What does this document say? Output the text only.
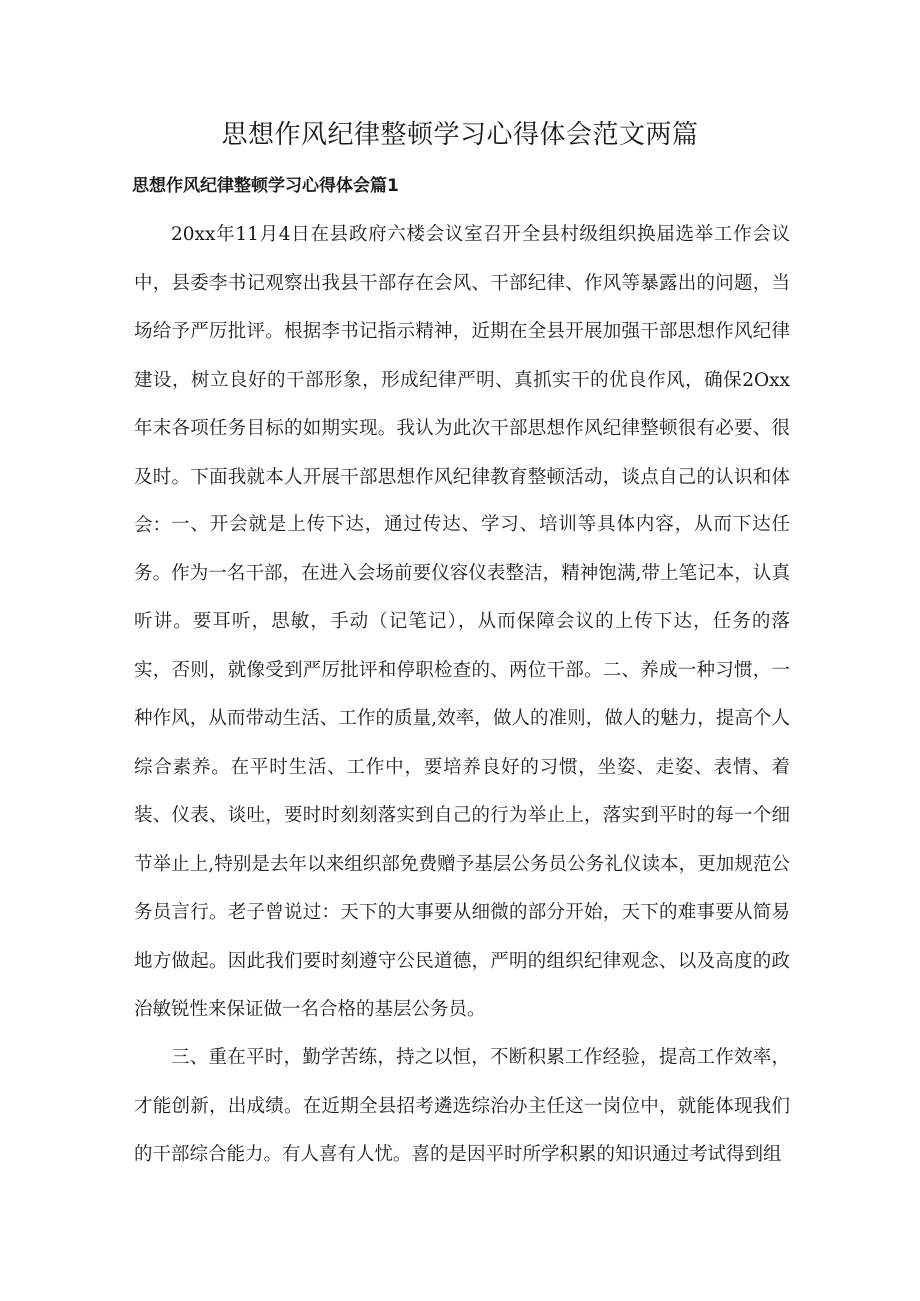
思想作风纪律整顿学习心得体会范文两篇
思想作风纪律整顿学习心得体会篇1

20xx年11月4日在县政府六楼会议室召开全县村级组织换届选举工作会议中，县委李书记观察出我县干部存在会风、干部纪律、作风等暴露出的问题，当场给予严厉批评。根据李书记指示精神，近期在全县开展加强干部思想作风纪律建设，树立良好的干部形象，形成纪律严明、真抓实干的优良作风，确保2Oxx年末各项任务目标的如期实现。我认为此次干部思想作风纪律整顿很有必要、很及时。下面我就本人开展干部思想作风纪律教育整顿活动，谈点自己的认识和体会： 一、开会就是上传下达，通过传达、学习、培训等具体内容，从而下达任务。作为一名干部，在进入会场前要仪容仪表整洁，精神饱满,带上笔记本，认真听讲。要耳听，思敏，手动（记笔记），从而保障会议的上传下达，任务的落实，否则，就像受到严厉批评和停职检查的、两位干部。二、养成一种习惯，一种作风，从而带动生活、工作的质量,效率，做人的准则，做人的魅力，提高个人综合素养。在平时生活、工作中，要培养良好的习惯，坐姿、走姿、表情、着装、仪表、谈吐，要时时刻刻落实到自己的行为举止上，落实到平时的每一个细节举止上,特别是去年以来组织部免费赠予基层公务员公务礼仪读本，更加规范公务员言行。老子曾说过：天下的大事要从细微的部分开始，天下的难事要从简易地方做起。因此我们要时刻遵守公民道德，严明的组织纪律观念、以及高度的政治敏锐性来保证做一名合格的基层公务员。

三、重在平时，勤学苦练，持之以恒，不断积累工作经验，提高工作效率，才能创新，出成绩。在近期全县招考遴选综治办主任这一岗位中，就能体现我们的干部综合能力。有人喜有人忧。喜的是因平时所学积累的知识通过考试得到组
